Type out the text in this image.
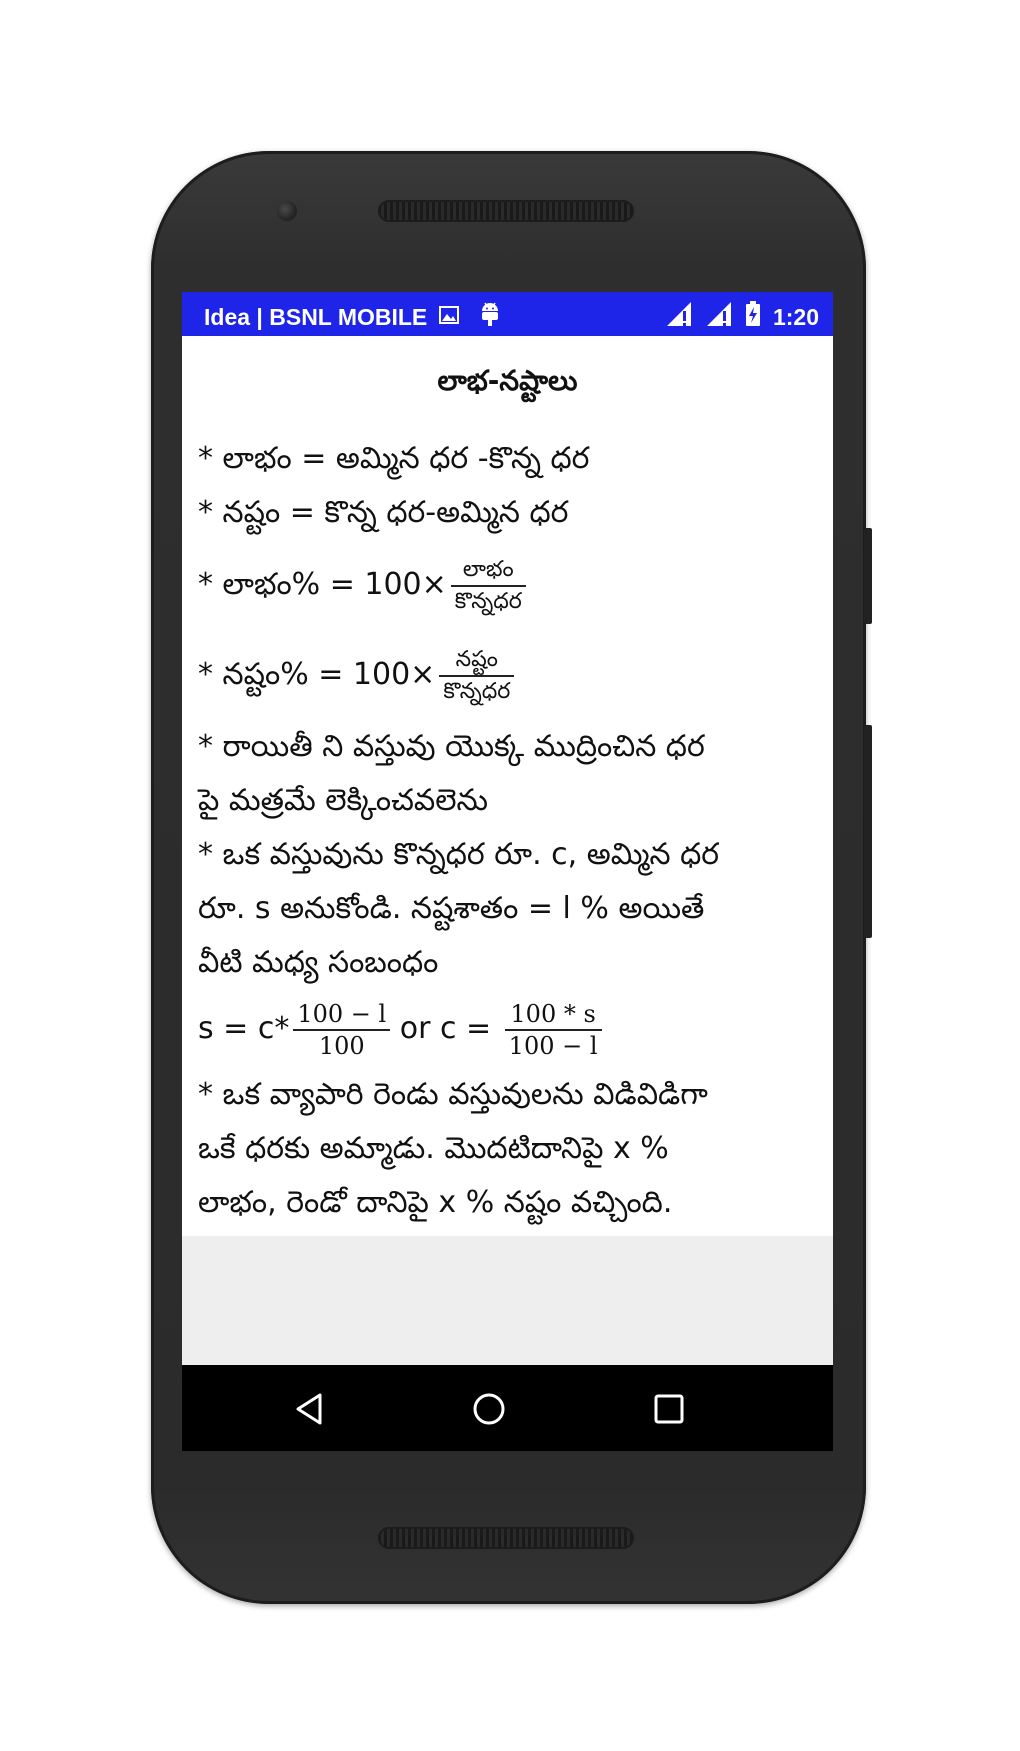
Idea | BSNL MOBILE	1:20
లాభ-నష్టాలు
* లాభం = అమ్మిన ధర -కొన్న ధర
* నష్టం = కొన్న ధర-అమ్మిన ధర
* లాభం% = $100\times \frac{\text{లాభం}}{\text{కొన్నధర}}$
* నష్టం% = $100\times \frac{\text{నష్టం}}{\text{కొన్నధర}}$
* రాయితీ ని వస్తువు యొక్క ముద్రించిన ధర
పై మత్రమే లెక్కించవలెను
* ఒక వస్తువును కొన్నధర రూ. c, అమ్మిన ధర
రూ. s అనుకోండి. నష్టశాతం = l % అయితే
వీటి మధ్య సంబంధం
$s = c* \frac{100 - l}{100}$ or $c = \frac{100 * s}{100 - l}$
* ఒక వ్యాపారి రెండు వస్తువులను విడివిడిగా
ఒకే ధరకు అమ్మాడు. మొదటిదానిపై x %
లాభం, రెండో దానిపై x % నష్టం వచ్చింది.
